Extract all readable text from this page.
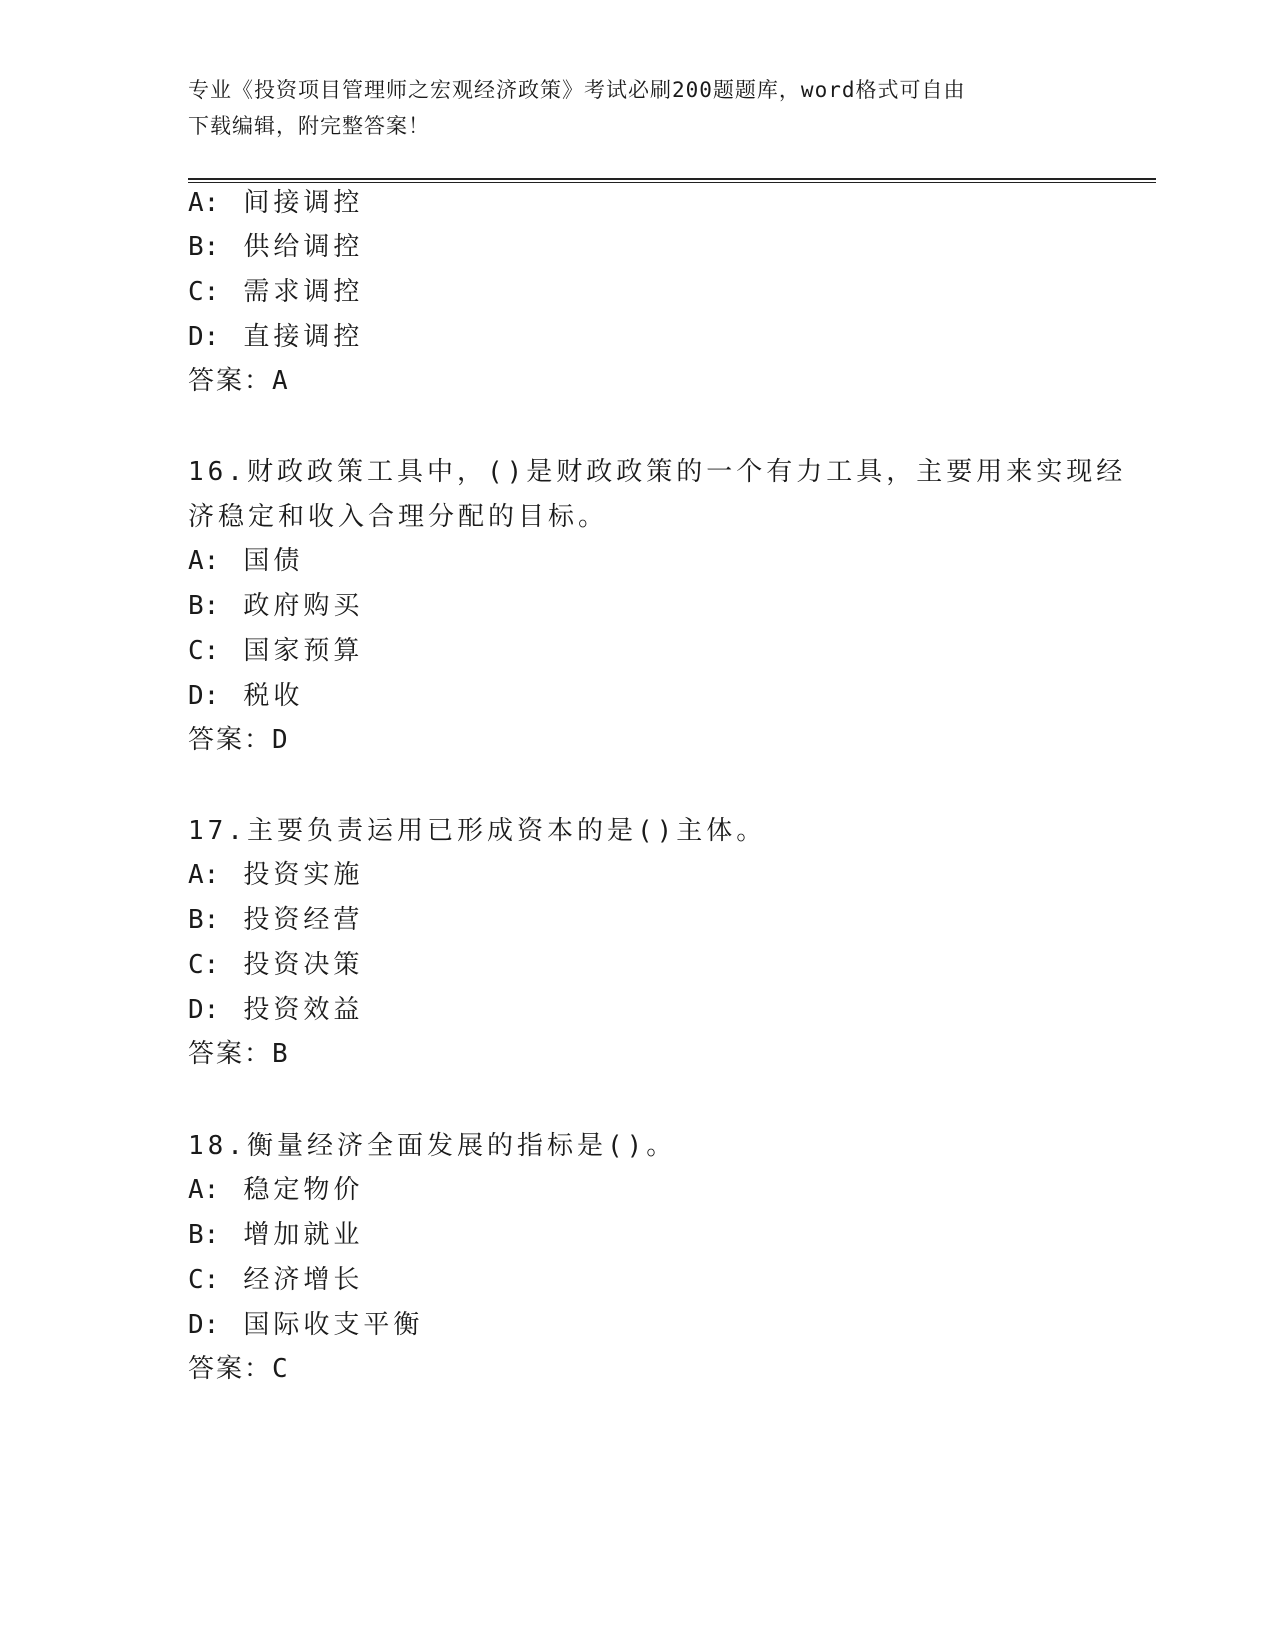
专业《投资项目管理师之宏观经济政策》考试必刷200题题库，word格式可自由
下载编辑，附完整答案！
A: 间接调控
B: 供给调控
C: 需求调控
D: 直接调控
答案：A
16.财政政策工具中，()是财政政策的一个有力工具，主要用来实现经
济稳定和收入合理分配的目标。
A: 国债
B: 政府购买
C: 国家预算
D: 税收
答案：D
17.主要负责运用已形成资本的是()主体。
A: 投资实施
B: 投资经营
C: 投资决策
D: 投资效益
答案：B
18.衡量经济全面发展的指标是()。
A: 稳定物价
B: 增加就业
C: 经济增长
D: 国际收支平衡
答案：C
